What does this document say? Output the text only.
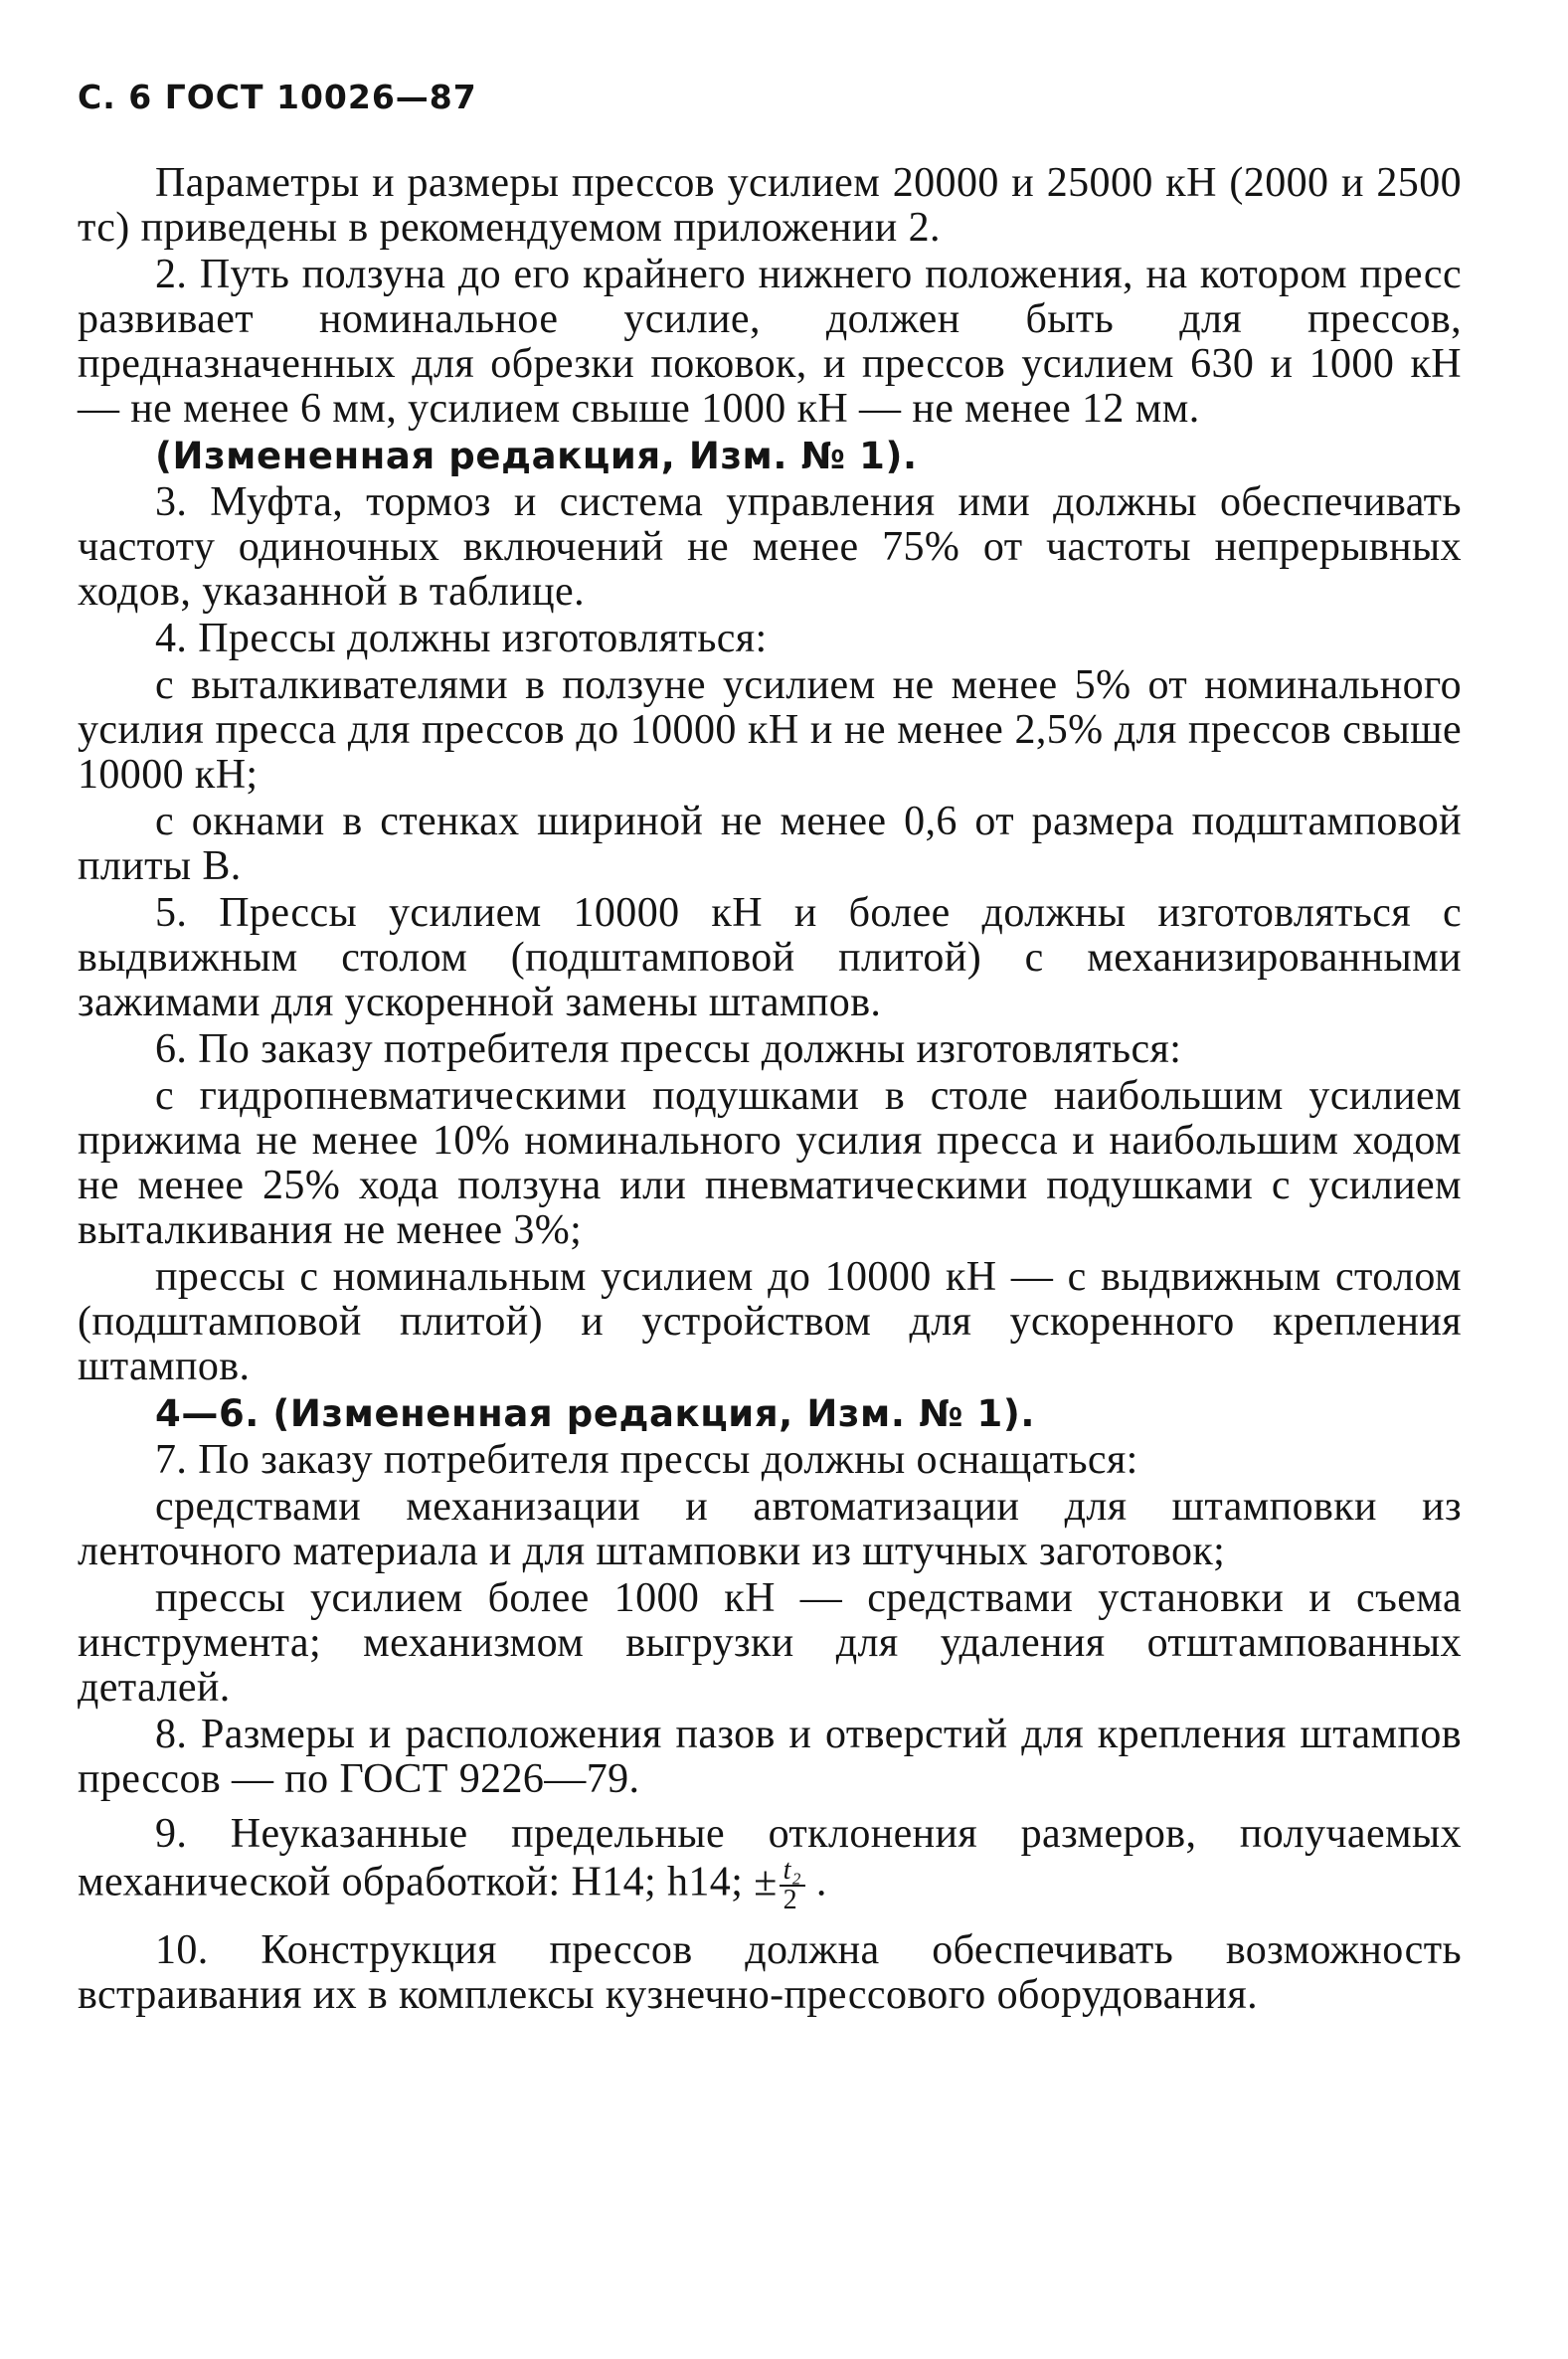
С. 6 ГОСТ 10026—87

Параметры и размеры прессов усилием 20000 и 25000 кН (2000 и 2500 тс) приведены в рекомендуемом приложении 2.

2. Путь ползуна до его крайнего нижнего положения, на котором пресс развивает номинальное усилие, должен быть для прессов, предназначенных для обрезки поковок, и прессов усилием 630 и 1000 кН — не менее 6 мм, усилием свыше 1000 кН — не менее 12 мм.

(Измененная редакция, Изм. № 1).

3. Муфта, тормоз и система управления ими должны обеспечивать частоту одиночных включений не менее 75% от частоты непрерывных ходов, указанной в таблице.

4. Прессы должны изготовляться:

с выталкивателями в ползуне усилием не менее 5% от номинального усилия пресса для прессов до 10000 кН и не менее 2,5% для прессов свыше 10000 кН;

с окнами в стенках шириной не менее 0,6 от размера подштамповой плиты В.

5. Прессы усилием 10000 кН и более должны изготовляться с выдвижным столом (подштамповой плитой) с механизированными зажимами для ускоренной замены штампов.

6. По заказу потребителя прессы должны изготовляться:

с гидропневматическими подушками в столе наибольшим усилием прижима не менее 10% номинального усилия пресса и наибольшим ходом не менее 25% хода ползуна или пневматическими подушками с усилием выталкивания не менее 3%;

прессы с номинальным усилием до 10000 кН — с выдвижным столом (подштамповой плитой) и устройством для ускоренного крепления штампов.

4—6. (Измененная редакция, Изм. № 1).

7. По заказу потребителя прессы должны оснащаться:

средствами механизации и автоматизации для штамповки из ленточного материала и для штамповки из штучных заготовок;

прессы усилием более 1000 кН — средствами установки и съема инструмента; механизмом выгрузки для удаления отштампованных деталей.

8. Размеры и расположения пазов и отверстий для крепления штампов прессов — по ГОСТ 9226—79.

9. Неуказанные предельные отклонения размеров, получаемых механической обработкой: H14; h14; ± $\frac{\text{t₂}}{2}$ .

10. Конструкция прессов должна обеспечивать возможность встраивания их в комплексы кузнечно-прессового оборудования.
